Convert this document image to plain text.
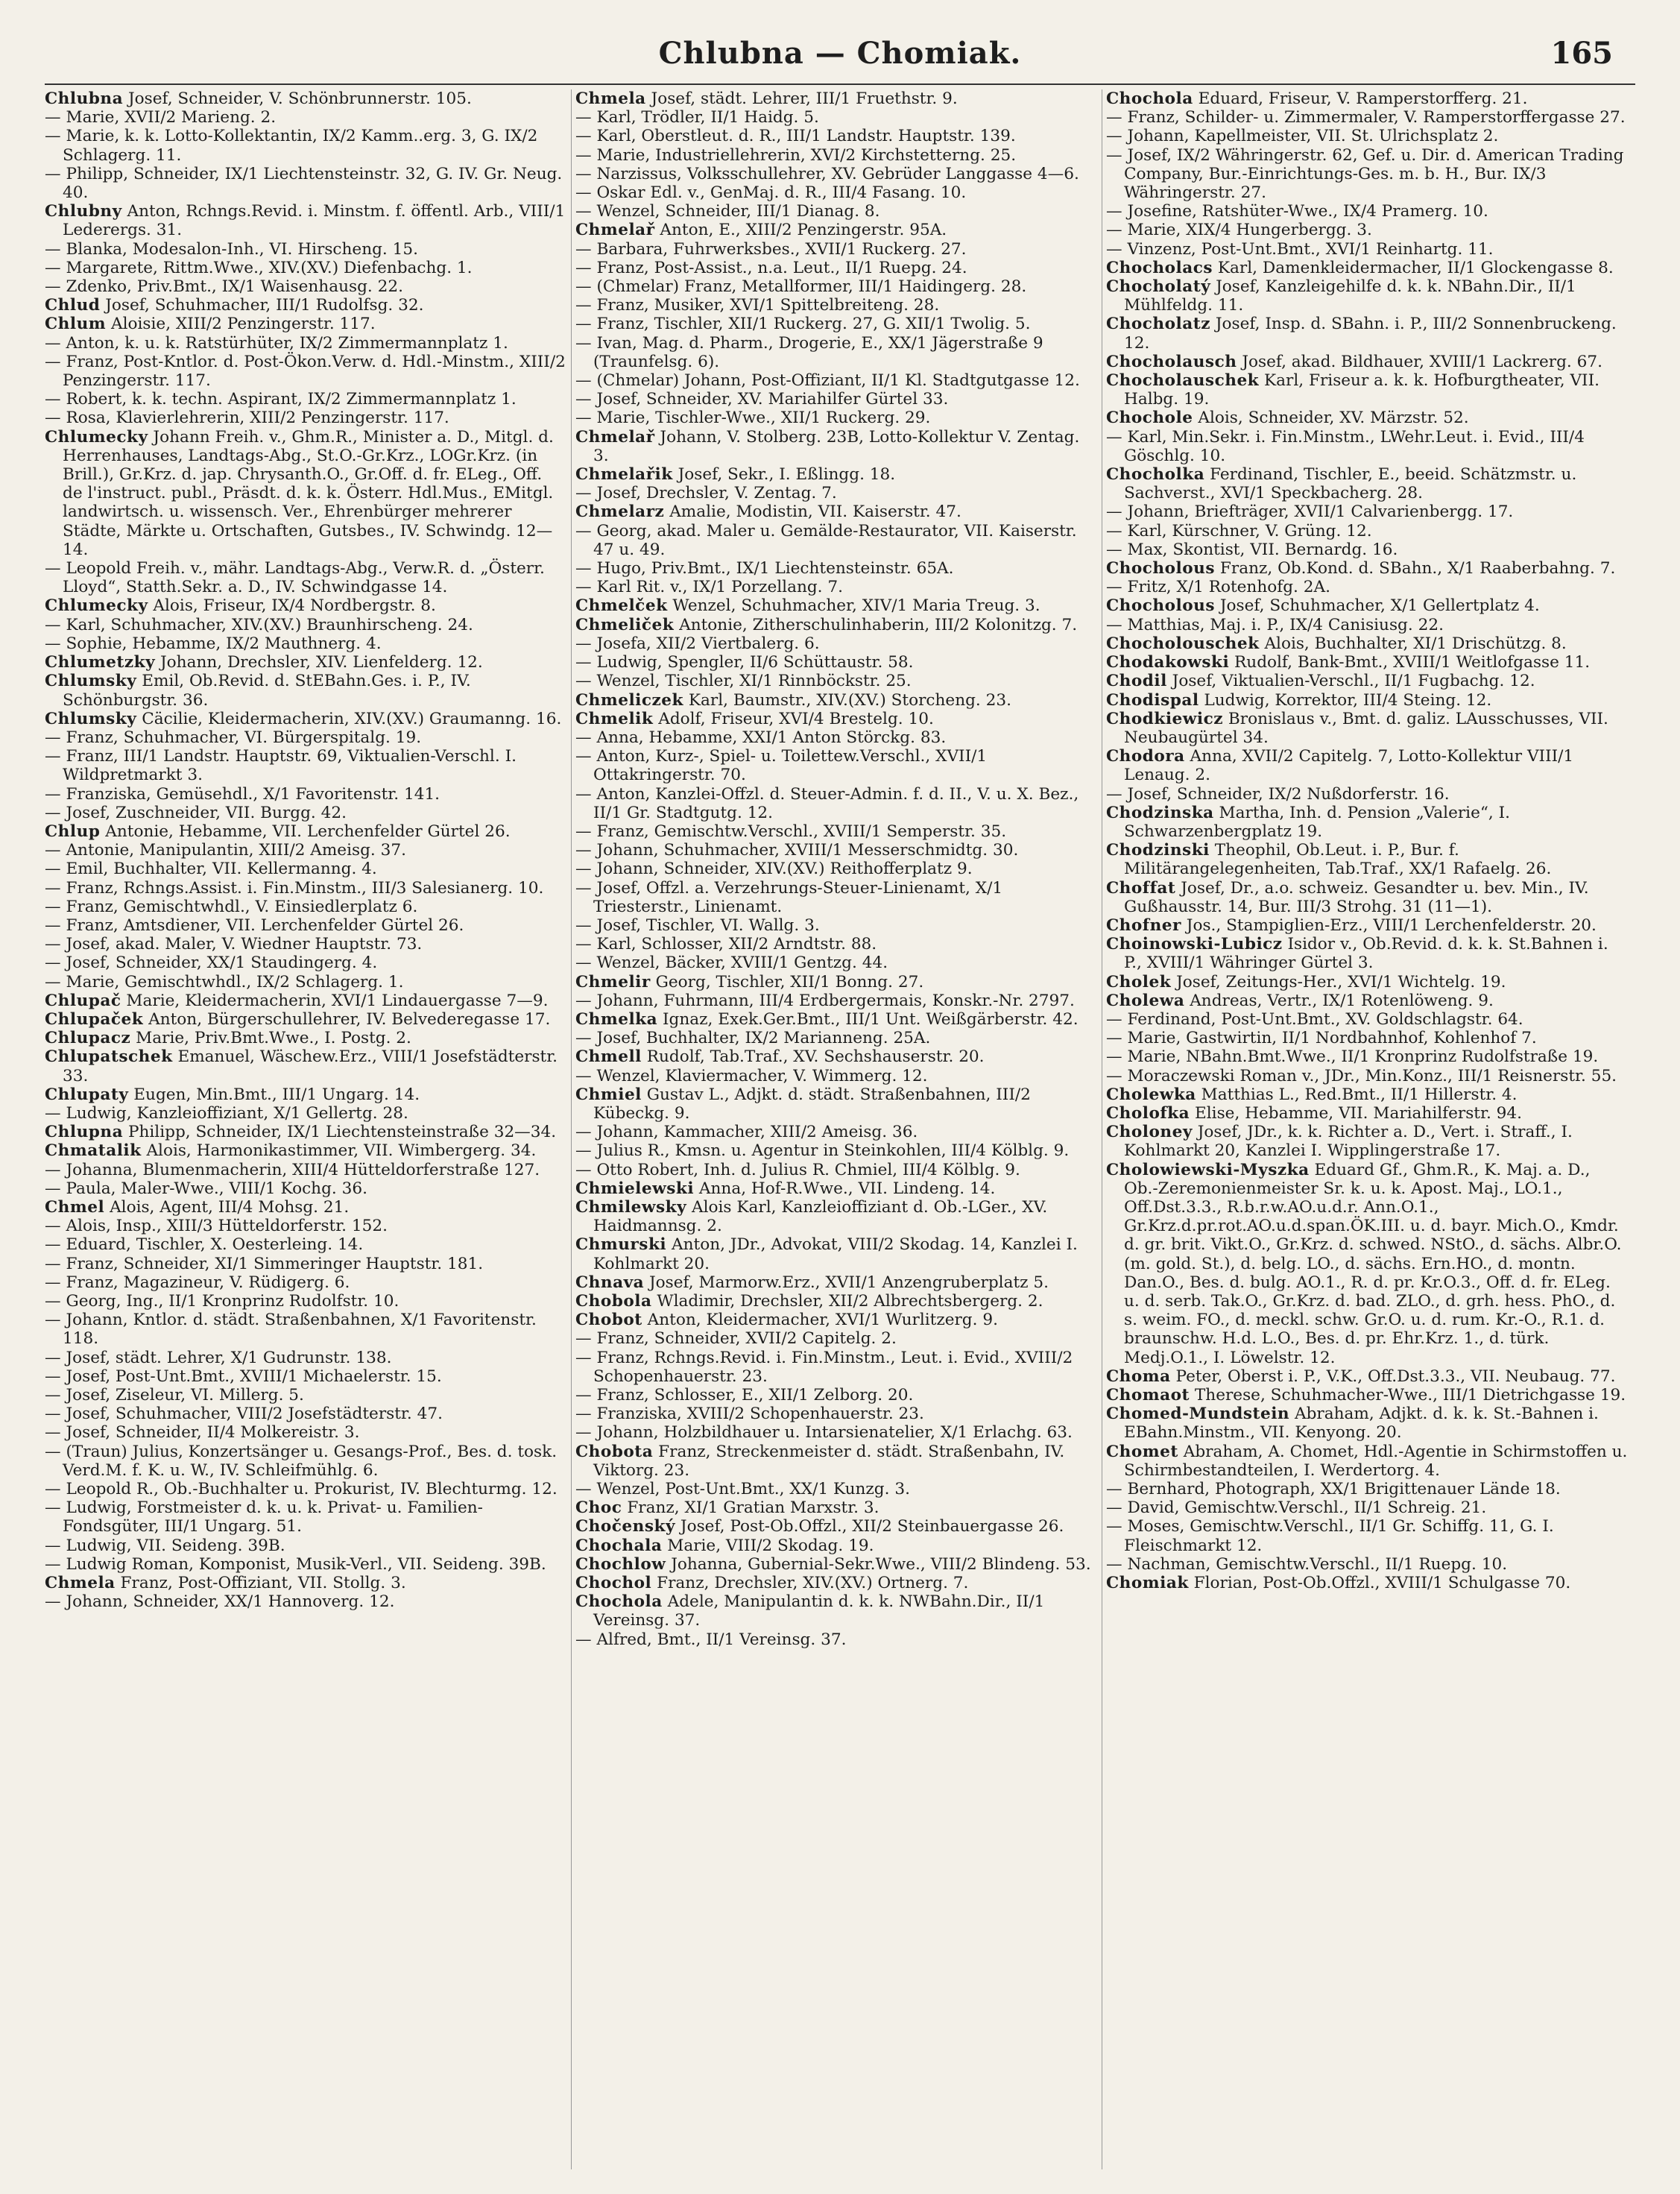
Chlubna — Chomiak.	165

Chlubna Josef, Schneider, V. Schönbrunnerstr. 105.

— Marie, XVII/2 Marieng. 2.

— Marie, k. k. Lotto-Kollektantin, IX/2 Kamm..erg. 3, G. IX/2 Schlagerg. 11.

— Philipp, Schneider, IX/1 Liechtensteinstr. 32, G. IV. Gr. Neug. 40.

Chlubny Anton, Rchngs.Revid. i. Minstm. f. öffentl. Arb., VIII/1 Lederergs. 31.

— Blanka, Modesalon-Inh., VI. Hirscheng. 15.

— Margarete, Rittm.Wwe., XIV.(XV.) Diefenbachg. 1.

— Zdenko, Priv.Bmt., IX/1 Waisenhausg. 22.

Chlud Josef, Schuhmacher, III/1 Rudolfsg. 32.

Chlum Aloisie, XIII/2 Penzingerstr. 117.

— Anton, k. u. k. Ratstürhüter, IX/2 Zimmermannplatz 1.

— Franz, Post-Kntlor. d. Post-Ökon.Verw. d. Hdl.-Minstm., XIII/2 Penzingerstr. 117.

— Robert, k. k. techn. Aspirant, IX/2 Zimmermannplatz 1.

— Rosa, Klavierlehrerin, XIII/2 Penzingerstr. 117.

Chlumecky Johann Freih. v., Ghm.R., Minister a. D., Mitgl. d. Herrenhauses, Landtags-Abg., St.O.-Gr.Krz., LOGr.Krz. (in Brill.), Gr.Krz. d. jap. Chrysanth.O., Gr.Off. d. fr. ELeg., Off. de l'instruct. publ., Präsdt. d. k. k. Österr. Hdl.Mus., EMitgl. landwirtsch. u. wissensch. Ver., Ehrenbürger mehrerer Städte, Märkte u. Ortschaften, Gutsbes., IV. Schwindg. 12—14.

— Leopold Freih. v., mähr. Landtags-Abg., Verw.R. d. „Österr. Lloyd“, Statth.Sekr. a. D., IV. Schwindgasse 14.

Chlumecky Alois, Friseur, IX/4 Nordbergstr. 8.

— Karl, Schuhmacher, XIV.(XV.) Braunhirscheng. 24.

— Sophie, Hebamme, IX/2 Mauthnerg. 4.

Chlumetzky Johann, Drechsler, XIV. Lienfelderg. 12.

Chlumsky Emil, Ob.Revid. d. StEBahn.Ges. i. P., IV. Schönburgstr. 36.

Chlumsky Cäcilie, Kleidermacherin, XIV.(XV.) Graumanng. 16.

— Franz, Schuhmacher, VI. Bürgerspitalg. 19.

— Franz, III/1 Landstr. Hauptstr. 69, Viktualien-Verschl. I. Wildpretmarkt 3.

— Franziska, Gemüsehdl., X/1 Favoritenstr. 141.

— Josef, Zuschneider, VII. Burgg. 42.

Chlup Antonie, Hebamme, VII. Lerchenfelder Gürtel 26.

— Antonie, Manipulantin, XIII/2 Ameisg. 37.

— Emil, Buchhalter, VII. Kellermanng. 4.

— Franz, Rchngs.Assist. i. Fin.Minstm., III/3 Salesianerg. 10.

— Franz, Gemischtwhdl., V. Einsiedlerplatz 6.

— Franz, Amtsdiener, VII. Lerchenfelder Gürtel 26.

— Josef, akad. Maler, V. Wiedner Hauptstr. 73.

— Josef, Schneider, XX/1 Staudingerg. 4.

— Marie, Gemischtwhdl., IX/2 Schlagerg. 1.

Chlupač Marie, Kleidermacherin, XVI/1 Lindauergasse 7—9.

Chlupaček Anton, Bürgerschullehrer, IV. Belvederegasse 17.

Chlupacz Marie, Priv.Bmt.Wwe., I. Postg. 2.

Chlupatschek Emanuel, Wäschew.Erz., VIII/1 Josefstädterstr. 33.

Chlupaty Eugen, Min.Bmt., III/1 Ungarg. 14.

— Ludwig, Kanzleioffiziant, X/1 Gellertg. 28.

Chlupna Philipp, Schneider, IX/1 Liechtensteinstraße 32—34.

Chmatalik Alois, Harmonikastimmer, VII. Wimbergerg. 34.

— Johanna, Blumenmacherin, XIII/4 Hütteldorferstraße 127.

— Paula, Maler-Wwe., VIII/1 Kochg. 36.

Chmel Alois, Agent, III/4 Mohsg. 21.

— Alois, Insp., XIII/3 Hütteldorferstr. 152.

— Eduard, Tischler, X. Oesterleing. 14.

— Franz, Schneider, XI/1 Simmeringer Hauptstr. 181.

— Franz, Magazineur, V. Rüdigerg. 6.

— Georg, Ing., II/1 Kronprinz Rudolfstr. 10.

— Johann, Kntlor. d. städt. Straßenbahnen, X/1 Favoritenstr. 118.

— Josef, städt. Lehrer, X/1 Gudrunstr. 138.

— Josef, Post-Unt.Bmt., XVIII/1 Michaelerstr. 15.

— Josef, Ziseleur, VI. Millerg. 5.

— Josef, Schuhmacher, VIII/2 Josefstädterstr. 47.

— Josef, Schneider, II/4 Molkereistr. 3.

— (Traun) Julius, Konzertsänger u. Gesangs-Prof., Bes. d. tosk. Verd.M. f. K. u. W., IV. Schleifmühlg. 6.

— Leopold R., Ob.-Buchhalter u. Prokurist, IV. Blechturmg. 12.

— Ludwig, Forstmeister d. k. u. k. Privat- u. Familien-Fondsgüter, III/1 Ungarg. 51.

— Ludwig, VII. Seideng. 39B.

— Ludwig Roman, Komponist, Musik-Verl., VII. Seideng. 39B.

Chmela Franz, Post-Offiziant, VII. Stollg. 3.

— Johann, Schneider, XX/1 Hannoverg. 12.

Chmela Josef, städt. Lehrer, III/1 Fruethstr. 9.

— Karl, Trödler, II/1 Haidg. 5.

— Karl, Oberstleut. d. R., III/1 Landstr. Hauptstr. 139.

— Marie, Industriellehrerin, XVI/2 Kirchstetterng. 25.

— Narzissus, Volksschullehrer, XV. Gebrüder Langgasse 4—6.

— Oskar Edl. v., GenMaj. d. R., III/4 Fasang. 10.

— Wenzel, Schneider, III/1 Dianag. 8.

Chmelař Anton, E., XIII/2 Penzingerstr. 95A.

— Barbara, Fuhrwerksbes., XVII/1 Ruckerg. 27.

— Franz, Post-Assist., n.a. Leut., II/1 Ruepg. 24.

— (Chmelar) Franz, Metallformer, III/1 Haidingerg. 28.

— Franz, Musiker, XVI/1 Spittelbreiteng. 28.

— Franz, Tischler, XII/1 Ruckerg. 27, G. XII/1 Twolig. 5.

— Ivan, Mag. d. Pharm., Drogerie, E., XX/1 Jägerstraße 9 (Traunfelsg. 6).

— (Chmelar) Johann, Post-Offiziant, II/1 Kl. Stadtgutgasse 12.

— Josef, Schneider, XV. Mariahilfer Gürtel 33.

— Marie, Tischler-Wwe., XII/1 Ruckerg. 29.

Chmelař Johann, V. Stolberg. 23B, Lotto-Kollektur V. Zentag. 3.

Chmelařik Josef, Sekr., I. Eßlingg. 18.

— Josef, Drechsler, V. Zentag. 7.

Chmelarz Amalie, Modistin, VII. Kaiserstr. 47.

— Georg, akad. Maler u. Gemälde-Restaurator, VII. Kaiserstr. 47 u. 49.

— Hugo, Priv.Bmt., IX/1 Liechtensteinstr. 65A.

— Karl Rit. v., IX/1 Porzellang. 7.

Chmelček Wenzel, Schuhmacher, XIV/1 Maria Treug. 3.

Chmeliček Antonie, Zitherschulinhaberin, III/2 Kolonitzg. 7.

— Josefa, XII/2 Viertbalerg. 6.

— Ludwig, Spengler, II/6 Schüttaustr. 58.

— Wenzel, Tischler, XI/1 Rinnböckstr. 25.

Chmeliczek Karl, Baumstr., XIV.(XV.) Storcheng. 23.

Chmelik Adolf, Friseur, XVI/4 Brestelg. 10.

— Anna, Hebamme, XXI/1 Anton Störckg. 83.

— Anton, Kurz-, Spiel- u. Toilettew.Verschl., XVII/1 Ottakringerstr. 70.

— Anton, Kanzlei-Offzl. d. Steuer-Admin. f. d. II., V. u. X. Bez., II/1 Gr. Stadtgutg. 12.

— Franz, Gemischtw.Verschl., XVIII/1 Semperstr. 35.

— Johann, Schuhmacher, XVIII/1 Messerschmidtg. 30.

— Johann, Schneider, XIV.(XV.) Reithofferplatz 9.

— Josef, Offzl. a. Verzehrungs-Steuer-Linienamt, X/1 Triesterstr., Linienamt.

— Josef, Tischler, VI. Wallg. 3.

— Karl, Schlosser, XII/2 Arndtstr. 88.

— Wenzel, Bäcker, XVIII/1 Gentzg. 44.

Chmelir Georg, Tischler, XII/1 Bonng. 27.

— Johann, Fuhrmann, III/4 Erdbergermais, Konskr.-Nr. 2797.

Chmelka Ignaz, Exek.Ger.Bmt., III/1 Unt. Weißgärberstr. 42.

— Josef, Buchhalter, IX/2 Marianneng. 25A.

Chmell Rudolf, Tab.Traf., XV. Sechshauserstr. 20.

— Wenzel, Klaviermacher, V. Wimmerg. 12.

Chmiel Gustav L., Adjkt. d. städt. Straßenbahnen, III/2 Kübeckg. 9.

— Johann, Kammacher, XIII/2 Ameisg. 36.

— Julius R., Kmsn. u. Agentur in Steinkohlen, III/4 Kölblg. 9.

— Otto Robert, Inh. d. Julius R. Chmiel, III/4 Kölblg. 9.

Chmielewski Anna, Hof-R.Wwe., VII. Lindeng. 14.

Chmilewsky Alois Karl, Kanzleioffiziant d. Ob.-LGer., XV. Haidmannsg. 2.

Chmurski Anton, JDr., Advokat, VIII/2 Skodag. 14, Kanzlei I. Kohlmarkt 20.

Chnava Josef, Marmorw.Erz., XVII/1 Anzengruberplatz 5.

Chobola Wladimir, Drechsler, XII/2 Albrechtsbergerg. 2.

Chobot Anton, Kleidermacher, XVI/1 Wurlitzerg. 9.

— Franz, Schneider, XVII/2 Capitelg. 2.

— Franz, Rchngs.Revid. i. Fin.Minstm., Leut. i. Evid., XVIII/2 Schopenhauerstr. 23.

— Franz, Schlosser, E., XII/1 Zelborg. 20.

— Franziska, XVIII/2 Schopenhauerstr. 23.

— Johann, Holzbildhauer u. Intarsienatelier, X/1 Erlachg. 63.

Chobota Franz, Streckenmeister d. städt. Straßenbahn, IV. Viktorg. 23.

— Wenzel, Post-Unt.Bmt., XX/1 Kunzg. 3.

Choc Franz, XI/1 Gratian Marxstr. 3.

Chočenský Josef, Post-Ob.Offzl., XII/2 Steinbauergasse 26.

Chochala Marie, VIII/2 Skodag. 19.

Chochlow Johanna, Gubernial-Sekr.Wwe., VIII/2 Blindeng. 53.

Chochol Franz, Drechsler, XIV.(XV.) Ortnerg. 7.

Chochola Adele, Manipulantin d. k. k. NWBahn.Dir., II/1 Vereinsg. 37.

— Alfred, Bmt., II/1 Vereinsg. 37.

Chochola Eduard, Friseur, V. Ramperstorfferg. 21.

— Franz, Schilder- u. Zimmermaler, V. Ramperstorffergasse 27.

— Johann, Kapellmeister, VII. St. Ulrichsplatz 2.

— Josef, IX/2 Währingerstr. 62, Gef. u. Dir. d. American Trading Company, Bur.-Einrichtungs-Ges. m. b. H., Bur. IX/3 Währingerstr. 27.

— Josefine, Ratshüter-Wwe., IX/4 Pramerg. 10.

— Marie, XIX/4 Hungerbergg. 3.

— Vinzenz, Post-Unt.Bmt., XVI/1 Reinhartg. 11.

Chocholacs Karl, Damenkleidermacher, II/1 Glockengasse 8.

Chocholatý Josef, Kanzleigehilfe d. k. k. NBahn.Dir., II/1 Mühlfeldg. 11.

Chocholatz Josef, Insp. d. SBahn. i. P., III/2 Sonnenbruckeng. 12.

Chocholausch Josef, akad. Bildhauer, XVIII/1 Lackrerg. 67.

Chocholauschek Karl, Friseur a. k. k. Hofburgtheater, VII. Halbg. 19.

Chochole Alois, Schneider, XV. Märzstr. 52.

— Karl, Min.Sekr. i. Fin.Minstm., LWehr.Leut. i. Evid., III/4 Göschlg. 10.

Chocholka Ferdinand, Tischler, E., beeid. Schätzmstr. u. Sachverst., XVI/1 Speckbacherg. 28.

— Johann, Briefträger, XVII/1 Calvarienbergg. 17.

— Karl, Kürschner, V. Grüng. 12.

— Max, Skontist, VII. Bernardg. 16.

Chocholous Franz, Ob.Kond. d. SBahn., X/1 Raaberbahng. 7.

— Fritz, X/1 Rotenhofg. 2A.

Chocholous Josef, Schuhmacher, X/1 Gellertplatz 4.

— Matthias, Maj. i. P., IX/4 Canisiusg. 22.

Chocholouschek Alois, Buchhalter, XI/1 Drischützg. 8.

Chodakowski Rudolf, Bank-Bmt., XVIII/1 Weitlofgasse 11.

Chodil Josef, Viktualien-Verschl., II/1 Fugbachg. 12.

Chodispal Ludwig, Korrektor, III/4 Steing. 12.

Chodkiewicz Bronislaus v., Bmt. d. galiz. LAusschusses, VII. Neubaugürtel 34.

Chodora Anna, XVII/2 Capitelg. 7, Lotto-Kollektur VIII/1 Lenaug. 2.

— Josef, Schneider, IX/2 Nußdorferstr. 16.

Chodzinska Martha, Inh. d. Pension „Valerie“, I. Schwarzenbergplatz 19.

Chodzinski Theophil, Ob.Leut. i. P., Bur. f. Militärangelegenheiten, Tab.Traf., XX/1 Rafaelg. 26.

Choffat Josef, Dr., a.o. schweiz. Gesandter u. bev. Min., IV. Gußhausstr. 14, Bur. III/3 Strohg. 31 (11—1).

Chofner Jos., Stampiglien-Erz., VIII/1 Lerchenfelderstr. 20.

Choinowski-Lubicz Isidor v., Ob.Revid. d. k. k. St.Bahnen i. P., XVIII/1 Währinger Gürtel 3.

Cholek Josef, Zeitungs-Her., XVI/1 Wichtelg. 19.

Cholewa Andreas, Vertr., IX/1 Rotenlöweng. 9.

— Ferdinand, Post-Unt.Bmt., XV. Goldschlagstr. 64.

— Marie, Gastwirtin, II/1 Nordbahnhof, Kohlenhof 7.

— Marie, NBahn.Bmt.Wwe., II/1 Kronprinz Rudolfstraße 19.

— Moraczewski Roman v., JDr., Min.Konz., III/1 Reisnerstr. 55.

Cholewka Matthias L., Red.Bmt., II/1 Hillerstr. 4.

Cholofka Elise, Hebamme, VII. Mariahilferstr. 94.

Choloney Josef, JDr., k. k. Richter a. D., Vert. i. Straff., I. Kohlmarkt 20, Kanzlei I. Wipplingerstraße 17.

Cholowiewski-Myszka Eduard Gf., Ghm.R., K. Maj. a. D., Ob.-Zeremonienmeister Sr. k. u. k. Apost. Maj., LO.1., Off.Dst.3.3., R.b.r.w.AO.u.d.r. Ann.O.1., Gr.Krz.d.pr.rot.AO.u.d.span.ÖK.III. u. d. bayr. Mich.O., Kmdr. d. gr. brit. Vikt.O., Gr.Krz. d. schwed. NStO., d. sächs. Albr.O. (m. gold. St.), d. belg. LO., d. sächs. Ern.HO., d. montn. Dan.O., Bes. d. bulg. AO.1., R. d. pr. Kr.O.3., Off. d. fr. ELeg. u. d. serb. Tak.O., Gr.Krz. d. bad. ZLO., d. grh. hess. PhO., d. s. weim. FO., d. meckl. schw. Gr.O. u. d. rum. Kr.-O., R.1. d. braunschw. H.d. L.O., Bes. d. pr. Ehr.Krz. 1., d. türk. Medj.O.1., I. Löwelstr. 12.

Choma Peter, Oberst i. P., V.K., Off.Dst.3.3., VII. Neubaug. 77.

Chomaot Therese, Schuhmacher-Wwe., III/1 Dietrichgasse 19.

Chomed-Mundstein Abraham, Adjkt. d. k. k. St.-Bahnen i. EBahn.Minstm., VII. Kenyong. 20.

Chomet Abraham, A. Chomet, Hdl.-Agentie in Schirmstoffen u. Schirmbestandteilen, I. Werdertorg. 4.

— Bernhard, Photograph, XX/1 Brigittenauer Lände 18.

— David, Gemischtw.Verschl., II/1 Schreig. 21.

— Moses, Gemischtw.Verschl., II/1 Gr. Schiffg. 11, G. I. Fleischmarkt 12.

— Nachman, Gemischtw.Verschl., II/1 Ruepg. 10.

Chomiak Florian, Post-Ob.Offzl., XVIII/1 Schulgasse 70.
